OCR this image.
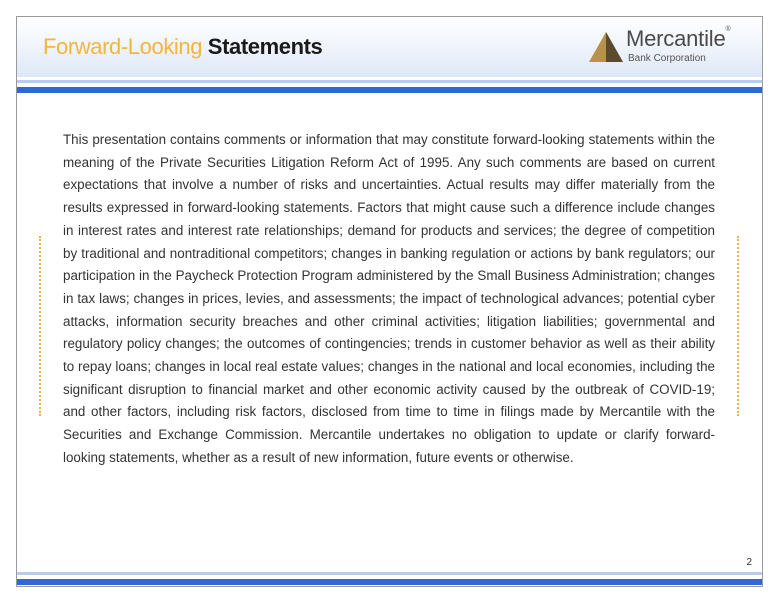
Forward-Looking Statements	Mercantile®
Bank Corporation

This presentation contains comments or information that may constitute forward-looking statements within the meaning of the Private Securities Litigation Reform Act of 1995. Any such comments are based on current expectations that involve a number of risks and uncertainties. Actual results may differ materially from the results expressed in forward-looking statements. Factors that might cause such a difference include changes in interest rates and interest rate relationships; demand for products and services; the degree of competition by traditional and nontraditional competitors; changes in banking regulation or actions by bank regulators; our participation in the Paycheck Protection Program administered by the Small Business Administration; changes in tax laws; changes in prices, levies, and assessments; the impact of technological advances; potential cyber attacks, information security breaches and other criminal activities; litigation liabilities; governmental and regulatory policy changes; the outcomes of contingencies; trends in customer behavior as well as their ability to repay loans; changes in local real estate values; changes in the national and local economies, including the significant disruption to financial market and other economic activity caused by the outbreak of COVID-19; and other factors, including risk factors, disclosed from time to time in filings made by Mercantile with the Securities and Exchange Commission. Mercantile undertakes no obligation to update or clarify forward-looking statements, whether as a result of new information, future events or otherwise.

2
